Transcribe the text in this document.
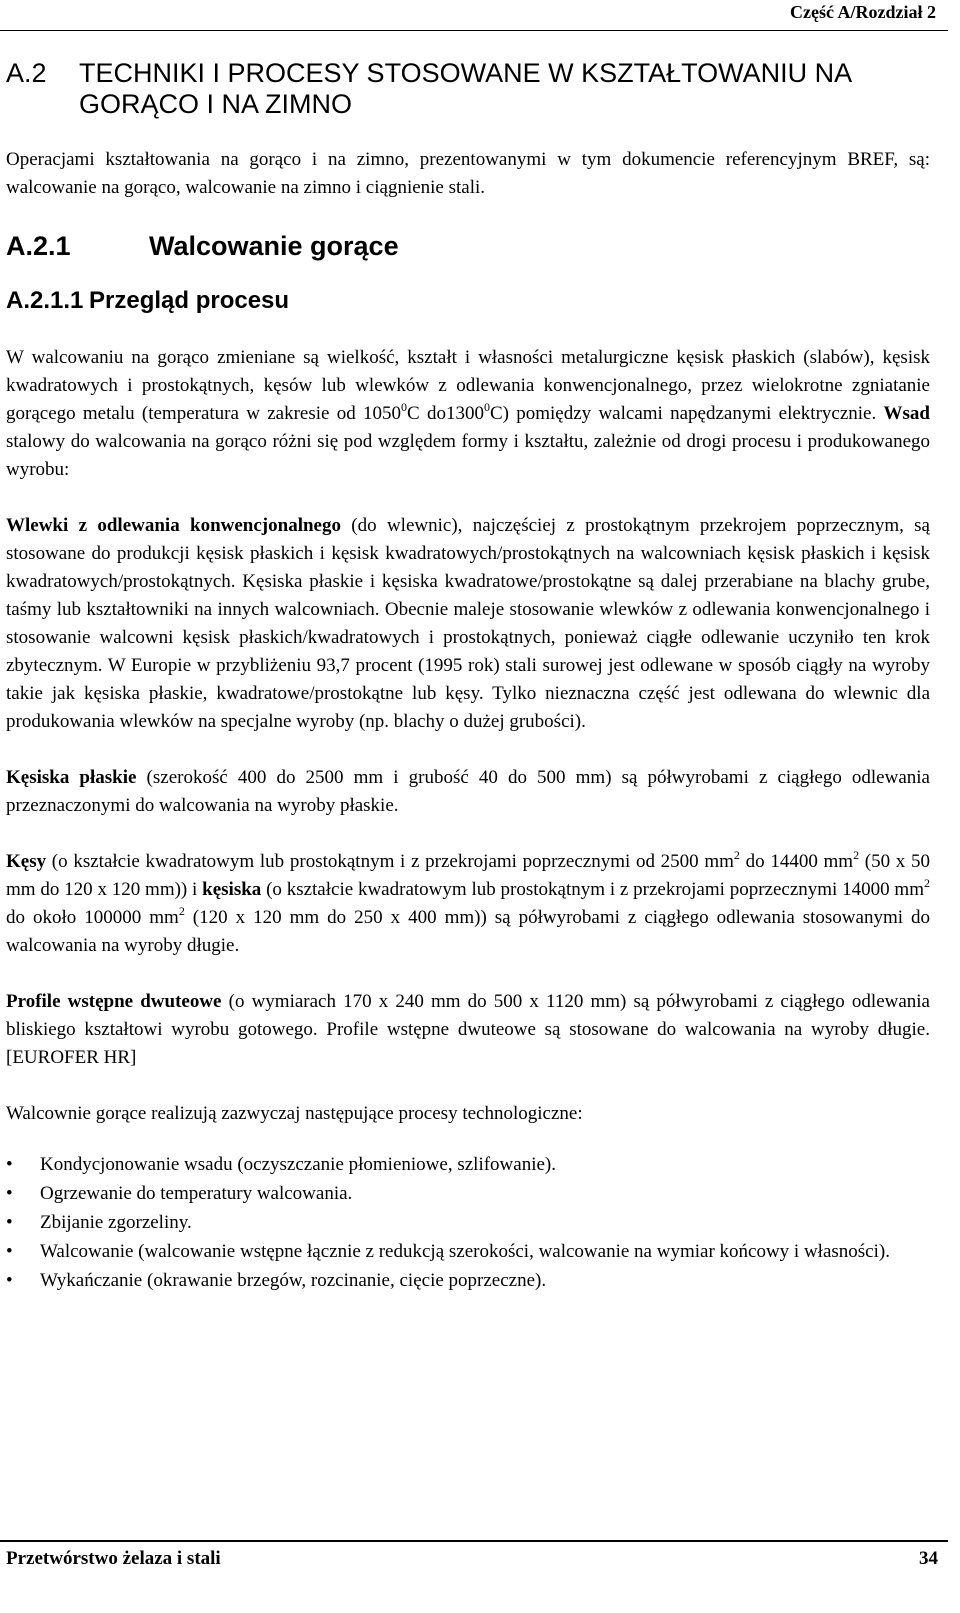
Część A/Rozdział 2
A.2	TECHNIKI I PROCESY STOSOWANE W KSZTAŁTOWANIU NA GORĄCO I NA ZIMNO

Operacjami kształtowania na gorąco i na zimno, prezentowanymi w tym dokumencie referencyjnym BREF, są: walcowanie na gorąco, walcowanie na zimno i ciągnienie stali.

A.2.1	Walcowanie gorące
A.2.1.1 Przegląd procesu

W walcowaniu na gorąco zmieniane są wielkość, kształt i własności metalurgiczne kęsisk płaskich (slabów), kęsisk kwadratowych i prostokątnych, kęsów lub wlewków z odlewania konwencjonalnego, przez wielokrotne zgniatanie gorącego metalu (temperatura w zakresie od 1050$^0$C do1300$^0$C) pomiędzy walcami napędzanymi elektrycznie. Wsad stalowy do walcowania na gorąco różni się pod względem formy i kształtu, zależnie od drogi procesu i produkowanego wyrobu:

Wlewki z odlewania konwencjonalnego (do wlewnic), najczęściej z prostokątnym przekrojem poprzecznym, są stosowane do produkcji kęsisk płaskich i kęsisk kwadratowych/prostokątnych na walcowniach kęsisk płaskich i kęsisk kwadratowych/prostokątnych. Kęsiska płaskie i kęsiska kwadratowe/prostokątne są dalej przerabiane na blachy grube, taśmy lub kształtowniki na innych walcowniach. Obecnie maleje stosowanie wlewków z odlewania konwencjonalnego i stosowanie walcowni kęsisk płaskich/kwadratowych i prostokątnych, ponieważ ciągłe odlewanie uczyniło ten krok zbytecznym. W Europie w przybliżeniu 93,7 procent (1995 rok) stali surowej jest odlewane w sposób ciągły na wyroby takie jak kęsiska płaskie, kwadratowe/prostokątne lub kęsy. Tylko nieznaczna część jest odlewana do wlewnic dla produkowania wlewków na specjalne wyroby (np. blachy o dużej grubości).

Kęsiska płaskie (szerokość 400 do 2500 mm i grubość 40 do 500 mm) są półwyrobami z ciągłego odlewania przeznaczonymi do walcowania na wyroby płaskie.

Kęsy (o kształcie kwadratowym lub prostokątnym i z przekrojami poprzecznymi od 2500 $mm^2$ do 14400 $mm^2$ (50 x 50 mm do 120 x 120 mm)) i kęsiska (o kształcie kwadratowym lub prostokątnym i z przekrojami poprzecznymi 14000 $mm^2$ do około 100000 $mm^2$ (120 x 120 mm do 250 x 400 mm)) są półwyrobami z ciągłego odlewania stosowanymi do walcowania na wyroby długie.

Profile wstępne dwuteowe (o wymiarach 170 x 240 mm do 500 x 1120 mm) są półwyrobami z ciągłego odlewania bliskiego kształtowi wyrobu gotowego. Profile wstępne dwuteowe są stosowane do walcowania na wyroby długie. [EUROFER HR]

Walcownie gorące realizują zazwyczaj następujące procesy technologiczne:

• Kondycjonowanie wsadu (oczyszczanie płomieniowe, szlifowanie).
• Ogrzewanie do temperatury walcowania.
• Zbijanie zgorzeliny.
• Walcowanie (walcowanie wstępne łącznie z redukcją szerokości, walcowanie na wymiar końcowy i własności).
• Wykańczanie (okrawanie brzegów, rozcinanie, cięcie poprzeczne).
Przetwórstwo żelaza i stali	34
